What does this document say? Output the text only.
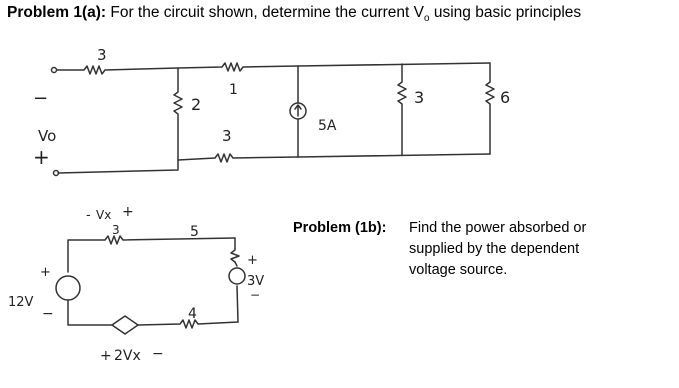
Problem 1(a): For the circuit shown, determine the current $V_o$ using basic principles
Problem (1b): Find the power absorbed or supplied by the dependent voltage source.
3
2
1
3
5A
3	6
−
Vo
+
- Vx +
3	5
+
12V
−
+
3V
−
4
+ 2Vx −
